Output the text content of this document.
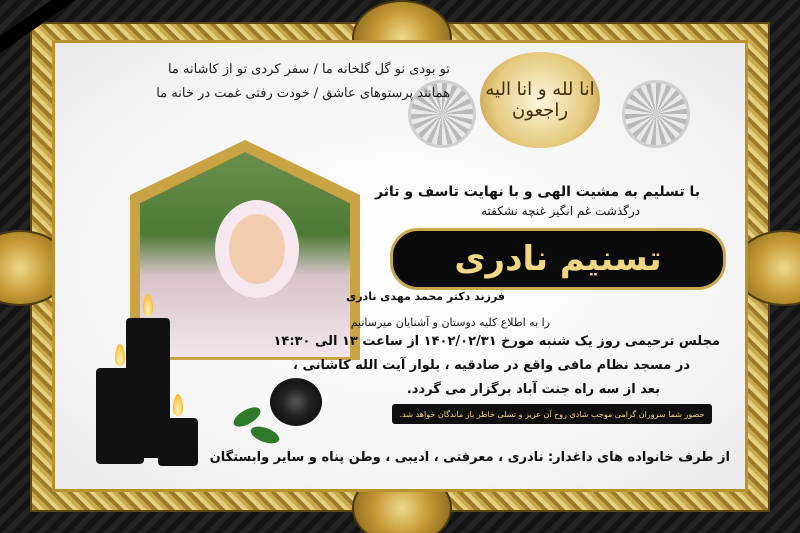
تو بودی نو گل گلخانه ما / سفر کردی تو از کاشانه ما
همانند پرستوهای عاشق / خودت رفتی غمت در خانه ما انا لله و انا الیه راجعون
با تسلیم به مشیت الهی و با نهایت تاسف و تاثر
درگذشت غم انگیز غنچه نشکفته
تسنیم نادری
فرزند دکتر محمد مهدی نادری
را به اطلاع کلیه دوستان و آشنایان میرسانیم
مجلس ترحیمی روز یک شنبه مورخ ۱۴۰۲/۰۲/۳۱ از ساعت ۱۳ الی ۱۴:۳۰
در مسجد نظام مافی واقع در صادقیه ، بلوار آیت الله کاشانی ،
بعد از سه راه جنت آباد برگزار می گردد.
حضور شما سروران گرامی موجب شادی روح آن عزیز و تسلی خاطر باز ماندگان خواهد شد.
از طرف خانواده های داغدار: نادری ، معرفتی ، ادیبی ، وطن پناه و سایر وابستگان
